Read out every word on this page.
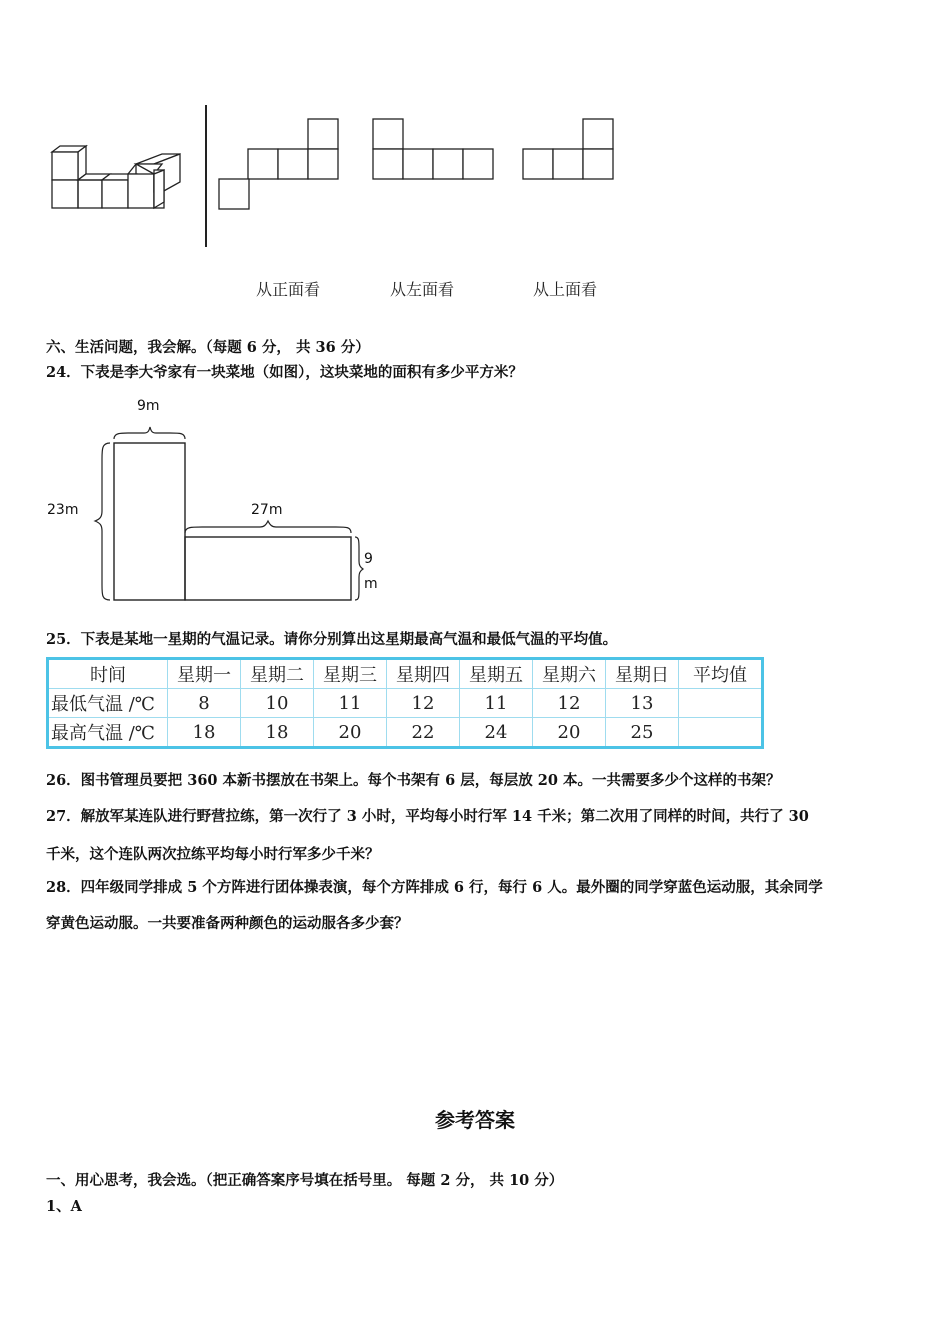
从正面看	从左面看	从上面看
六、生活问题，我会解。（每题 6 分， 共 36 分）
24．下表是李大爷家有一块菜地（如图），这块菜地的面积有多少平方米？
9m
23m	27m
9
m
25．下表是某地一星期的气温记录。请你分别算出这星期最高气温和最低气温的平均值。
时间	星期一	星期二	星期三	星期四	星期五	星期六	星期日	平均值
最低气温 /℃	8	10	11	12	11	12	13	
最高气温 /℃	18	18	20	22	24	20	25	
26．图书管理员要把 360 本新书摆放在书架上。每个书架有 6 层，每层放 20 本。一共需要多少个这样的书架？
27．解放军某连队进行野营拉练，第一次行了 3 小时，平均每小时行军 14 千米；第二次用了同样的时间，共行了 30
千米，这个连队两次拉练平均每小时行军多少千米？
28．四年级同学排成 5 个方阵进行团体操表演，每个方阵排成 6 行，每行 6 人。最外圈的同学穿蓝色运动服，其余同学
穿黄色运动服。一共要准备两种颜色的运动服各多少套？
参考答案
一、用心思考，我会选。（把正确答案序号填在括号里。 每题 2 分， 共 10 分）
1、A
